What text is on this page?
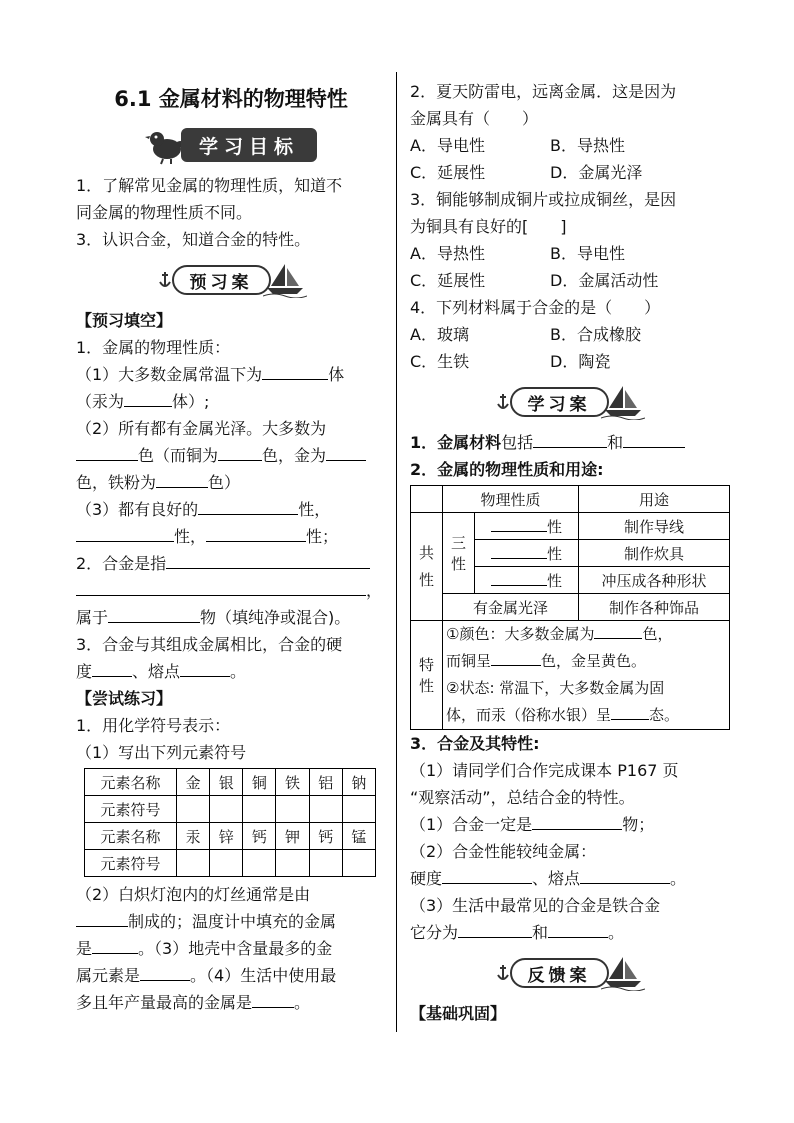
6.1 金属材料的物理特性
学习目标
1．了解常见金属的物理性质，知道不
同金属的物理性质不同。
3．认识合金，知道合金的特性。
预习案
【预习填空】
1．金属的物理性质：
（1）大多数金属常温下为	体
（汞为	体）;
（2）所有都有金属光泽。大多数为
色（而铜为	色，金为
色，铁粉为	色）
（3）都有良好的	性，
性，	性；
2．合金是指
，
属于	物（填纯净或混合)。
3．合金与其组成金属相比，合金的硬
度	、熔点	。
【尝试练习】
1．用化学符号表示：
（1）写出下列元素符号
元素名称	金	银	铜	铁	铝	钠
元素符号						
元素名称	汞	锌	钙	钾	钙	锰
元素符号						
（2）白炽灯泡内的灯丝通常是由
制成的；温度计中填充的金属
是	。（3）地壳中含量最多的金
属元素是	。（4）生活中使用最
多且年产量最高的金属是	。
2．夏天防雷电，远离金属．这是因为
金属具有（　　）
A．导电性	B．导热性
C．延展性	D．金属光泽
3．铜能够制成铜片或拉成铜丝，是因
为铜具有良好的[　　]
A．导热性	B．导电性
C．延展性	D．金属活动性
4．下列材料属于合金的是（　　）
A．玻璃	B．合成橡胶
C．生铁	D．陶瓷
学习案
1．金属材料包括	和
2．金属的物理性质和用途:
	物理性质		用途

共性	三性	性	制作导线
		性	制作炊具
		性	冲压成各种形状
	有金属光泽		制作各种饰品
特性	①颜色：大多数金属为 色，
而铜呈 色，金呈黄色。
②状态: 常温下，大多数金属为固
体，而汞（俗称水银）呈 态。		
3．合金及其特性:
（1）请同学们合作完成课本 P167 页
“观察活动”，总结合金的特性。
（1）合金一定是	物；
（2）合金性能较纯金属：
硬度	、熔点	。
（3）生活中最常见的合金是铁合金
它分为	和	。
反馈案
【基础巩固】
